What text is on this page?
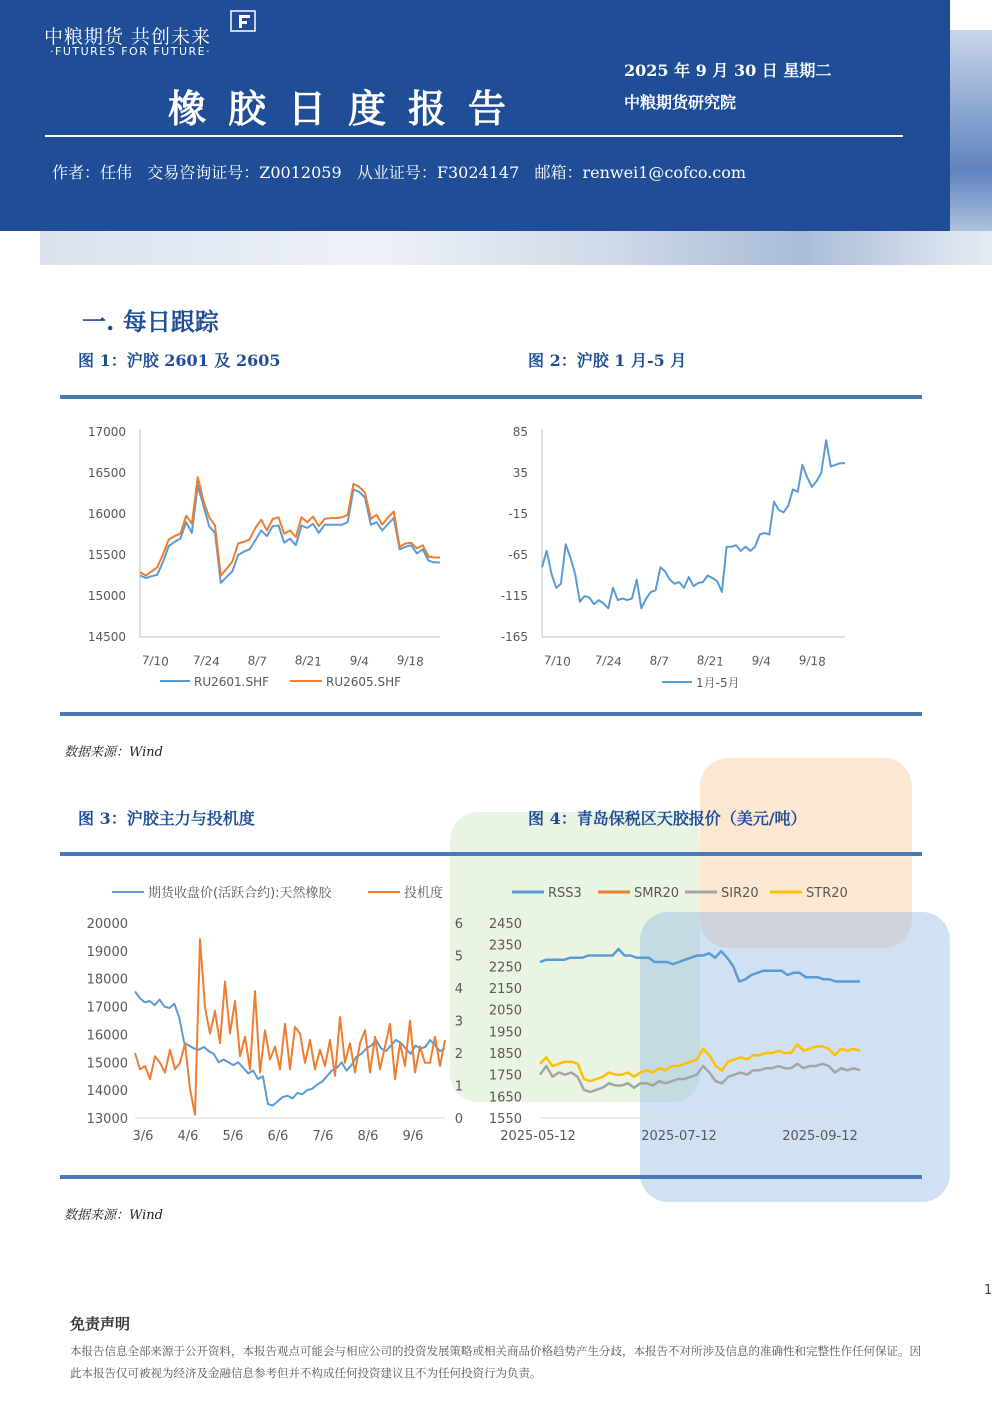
中粮期货 共创未来
·FUTURES FOR FUTURE·
橡胶日度报告
2025 年 9 月 30 日 星期二
中粮期货研究院
作者：任伟   交易咨询证号：Z0012059   从业证号：F3024147   邮箱：renwei1@cofco.com
一. 每日跟踪
图 1：沪胶 2601 及 2605	图 2：沪胶 1 月-5 月
17000
16500
16000
15500
15000
14500
7/10 7/24 8/7 8/21 9/4 9/18
RU2601.SHF	RU2605.SHF
85
35
-15
-65
-115
-165
7/10 7/24 8/7 8/21 9/4 9/18
1月-5月
数据来源：Wind
图 3：沪胶主力与投机度	图 4：青岛保税区天胶报价（美元/吨）
20000
19000
18000
17000
16000
15000
14000
13000
6
5
4
3
2
1
0
3/6 4/6 5/6 6/6 7/6 8/6 9/6
期货收盘价(活跃合约):天然橡胶	投机度
2450
2350
2250
2150
2050
1950
1850
1750
1650
1550
2025-05-12	2025-07-12	2025-09-12
RSS3	SMR20	SIR20	STR20
数据来源：Wind
1
免责声明
本报告信息全部来源于公开资料，本报告观点可能会与相应公司的投资发展策略或相关商品价格趋势产生分歧，本报告不对所涉及信息的准确性和完整性作任何保证。因此本报告仅可被视为经济及金融信息参考但并不构成任何投资建议且不为任何投资行为负责。
